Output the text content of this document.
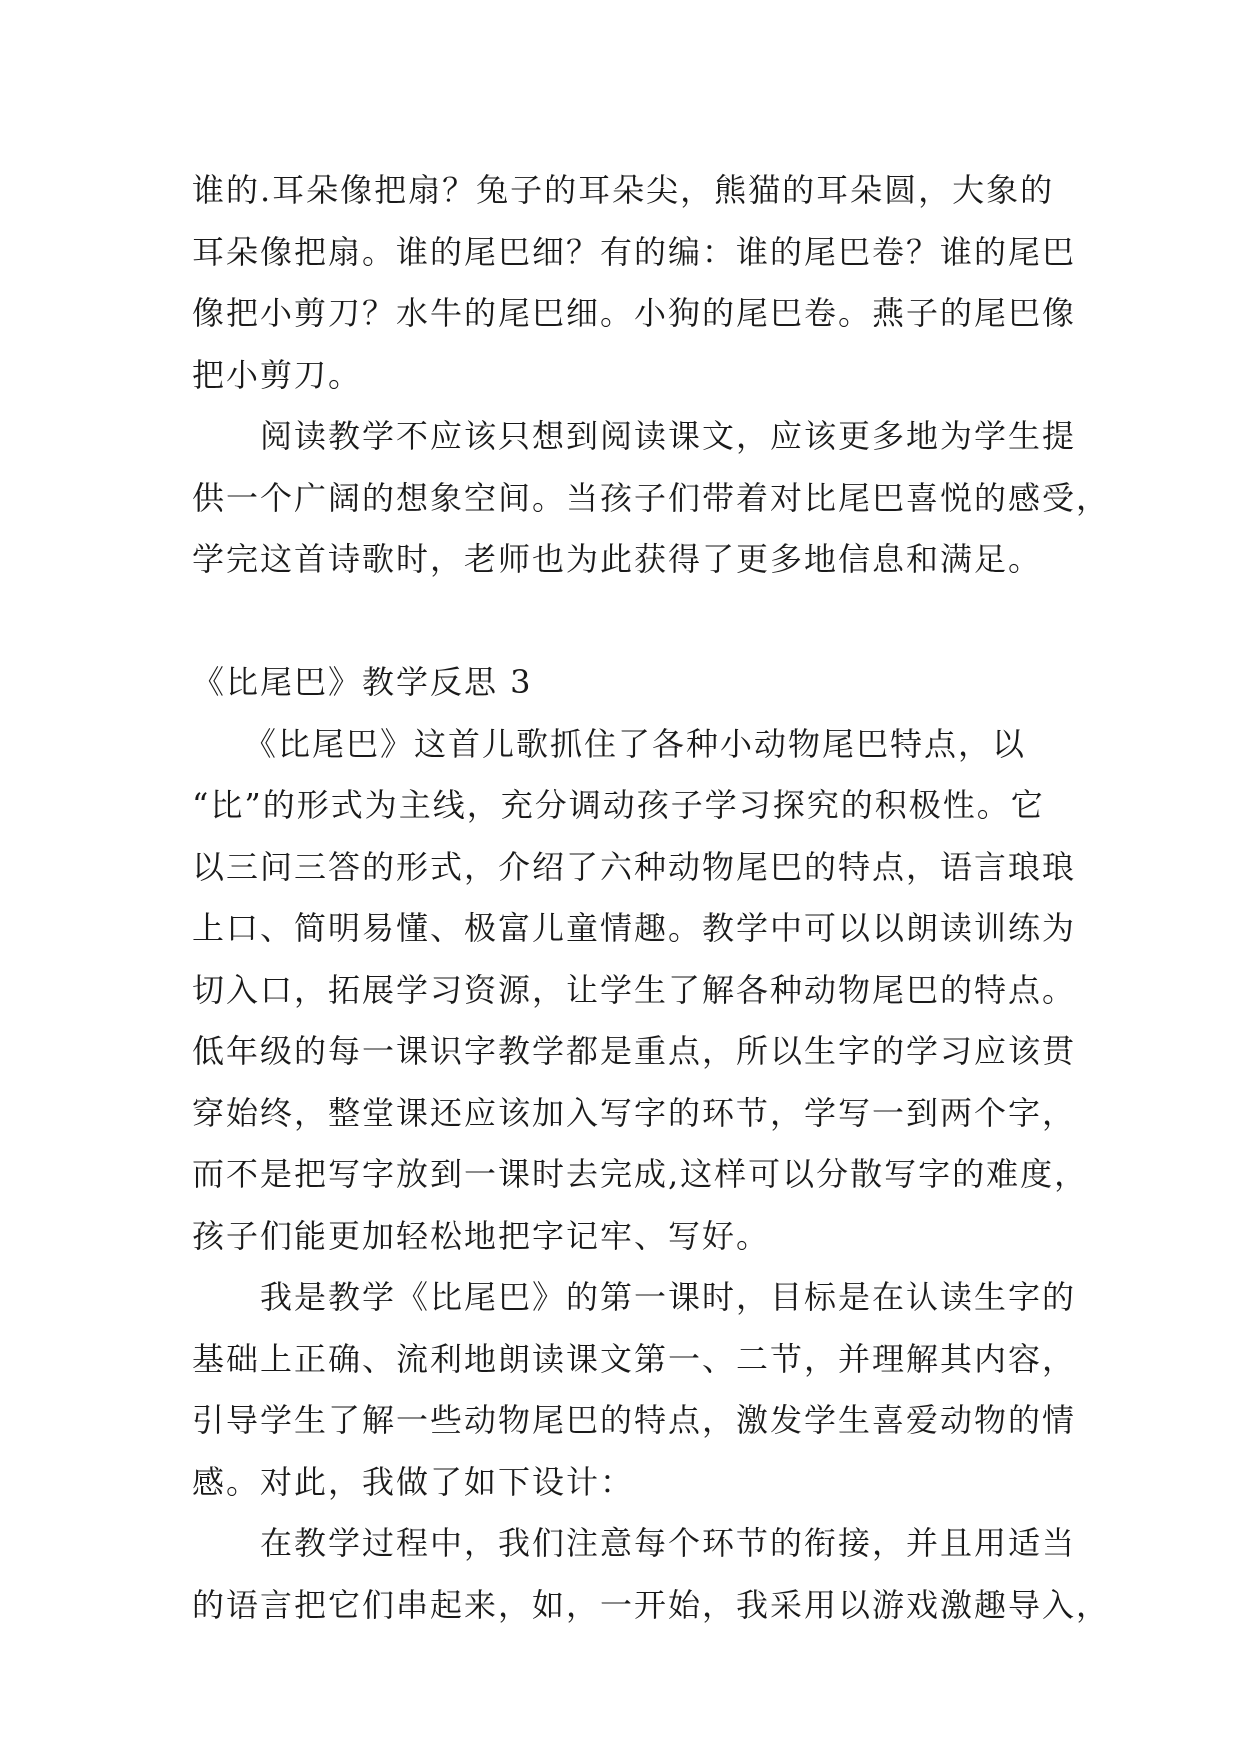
谁的.耳朵像把扇？兔子的耳朵尖，熊猫的耳朵圆，大象的
耳朵像把扇。谁的尾巴细？有的编：谁的尾巴卷？谁的尾巴
像把小剪刀？水牛的尾巴细。小狗的尾巴卷。燕子的尾巴像
把小剪刀。
　　阅读教学不应该只想到阅读课文，应该更多地为学生提
供一个广阔的想象空间。当孩子们带着对比尾巴喜悦的感受，
学完这首诗歌时，老师也为此获得了更多地信息和满足。
《比尾巴》教学反思 3
　　《比尾巴》这首儿歌抓住了各种小动物尾巴特点，以
“比”的形式为主线，充分调动孩子学习探究的积极性。它
以三问三答的形式，介绍了六种动物尾巴的特点，语言琅琅
上口、简明易懂、极富儿童情趣。教学中可以以朗读训练为
切入口，拓展学习资源，让学生了解各种动物尾巴的特点。
低年级的每一课识字教学都是重点，所以生字的学习应该贯
穿始终，整堂课还应该加入写字的环节，学写一到两个字，
而不是把写字放到一课时去完成,这样可以分散写字的难度，
孩子们能更加轻松地把字记牢、写好。
　　我是教学《比尾巴》的第一课时，目标是在认读生字的
基础上正确、流利地朗读课文第一、二节，并理解其内容，
引导学生了解一些动物尾巴的特点，激发学生喜爱动物的情
感。对此，我做了如下设计：
　　在教学过程中，我们注意每个环节的衔接，并且用适当
的语言把它们串起来，如，一开始，我采用以游戏激趣导入，
